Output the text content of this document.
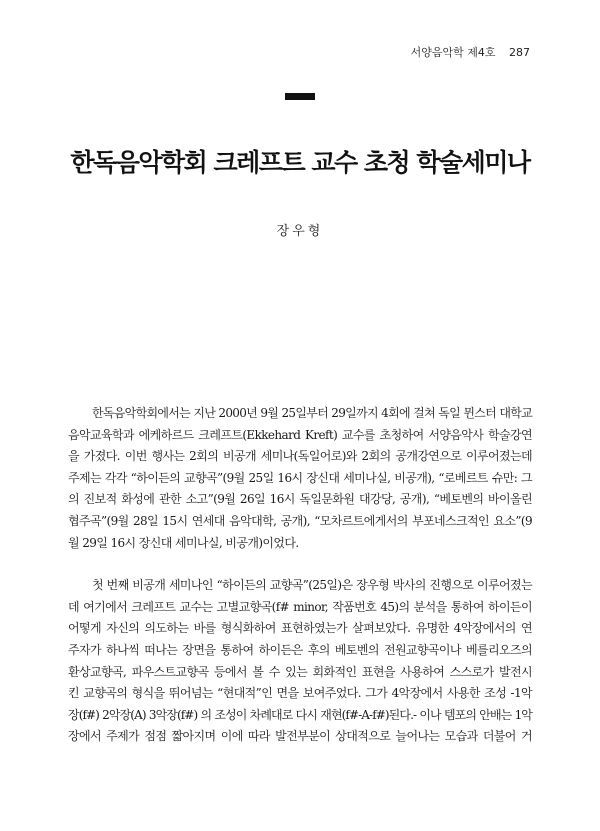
서양음악학 제4호 287
한독음악학회 크레프트 교수 초청 학술세미나
장우형
한독음악학회에서는 지난 2000년 9월 25일부터 29일까지 4회에 걸쳐 독일 뮌스터 대학교
음악교육학과 에케하르드 크레프트(Ekkehard Kreft) 교수를 초청하여 서양음악사 학술강연
을 가졌다. 이번 행사는 2회의 비공개 세미나(독일어로)와 2회의 공개강연으로 이루어졌는데
주제는 각각 “하이든의 교향곡”(9월 25일 16시 장신대 세미나실, 비공개), “로베르트 슈만: 그
의 진보적 화성에 관한 소고”(9월 26일 16시 독일문화원 대강당, 공개), “베토벤의 바이올린
협주곡”(9월 28일 15시 연세대 음악대학, 공개), “모차르트에게서의 부포네스크적인 요소”(9
월 29일 16시 장신대 세미나실, 비공개)이었다.
첫 번째 비공개 세미나인 “하이든의 교향곡”(25일)은 장우형 박사의 진행으로 이루어졌는
데 여기에서 크레프트 교수는 고별교향곡(f# minor, 작품번호 45)의 분석을 통하여 하이든이
어떻게 자신의 의도하는 바를 형식화하여 표현하였는가 살펴보았다. 유명한 4악장에서의 연
주자가 하나씩 떠나는 장면을 통하여 하이든은 후의 베토벤의 전원교향곡이나 베를리오즈의
환상교향곡, 파우스트교향곡 등에서 볼 수 있는 회화적인 표현을 사용하여 스스로가 발전시
킨 교향곡의 형식을 뛰어넘는 “현대적”인 면을 보여주었다. 그가 4악장에서 사용한 조성 -1악
장(f#) 2악장(A) 3악장(f#) 의 조성이 차례대로 다시 재현(f#-A-f#)된다.- 이나 템포의 안배는 1악
장에서 주제가 점점 짧아지며 이에 따라 발전부분이 상대적으로 늘어나는 모습과 더불어 거
